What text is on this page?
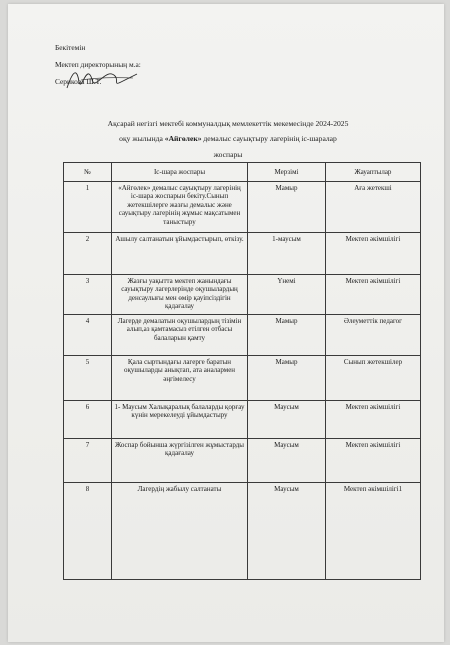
Бекітемін
Мектеп директорының м.а:
Серикова Ш.Т.
Ақсарай негізгі мектебі коммуналдық мемлекеттік мекемесінде 2024-2025
оқу жылында «Айгөлек» демалыс сауықтыру лагерінің іс-шаралар
жоспары
№	Іс-шара жоспары	Мерзімі	Жауаптылар
1	«Айгөлек» демалыс сауықтыру лагерінің іс-шара жоспарын бекіту.Сынып жетекшілерге жазғы демалыс және сауықтыру лагерінің жұмыс мақсатымен таныстыру	Мамыр	Аға жетекші
2	Ашылу салтанатын ұйымдастырып, өткізу.	1-маусым	Мектеп әкімшілігі
3	Жазғы уақытта мектеп жанындағы сауықтыру лагерлерінде оқушылардың денсаулығы мен өмір қауіпсіздігін қадағалау	Үнемі	Мектеп әкімшілігі
4	Лагерде демалатын оқушылардың тізімін алып,аз қамтамасыз етілген отбасы балаларын қамту	Мамыр	Әлеуметтік педагог
5	Қала сыртындағы лагерге баратын оқушыларды анықтап, ата аналармен әңгімелесу	Мамыр	Сынып жетекшілер
6	1- Маусым Халықаралық балаларды қорғау күнін мерекелеуді ұйымдастыру	Маусым	Мектеп әкімшілігі
7	Жоспар бойынша жүргізілген жұмыстарды қадағалау	Маусым	Мектеп әкімшілігі
8	Лагердің жабылу салтанаты	Маусым	Мектеп әкімшілігі1
